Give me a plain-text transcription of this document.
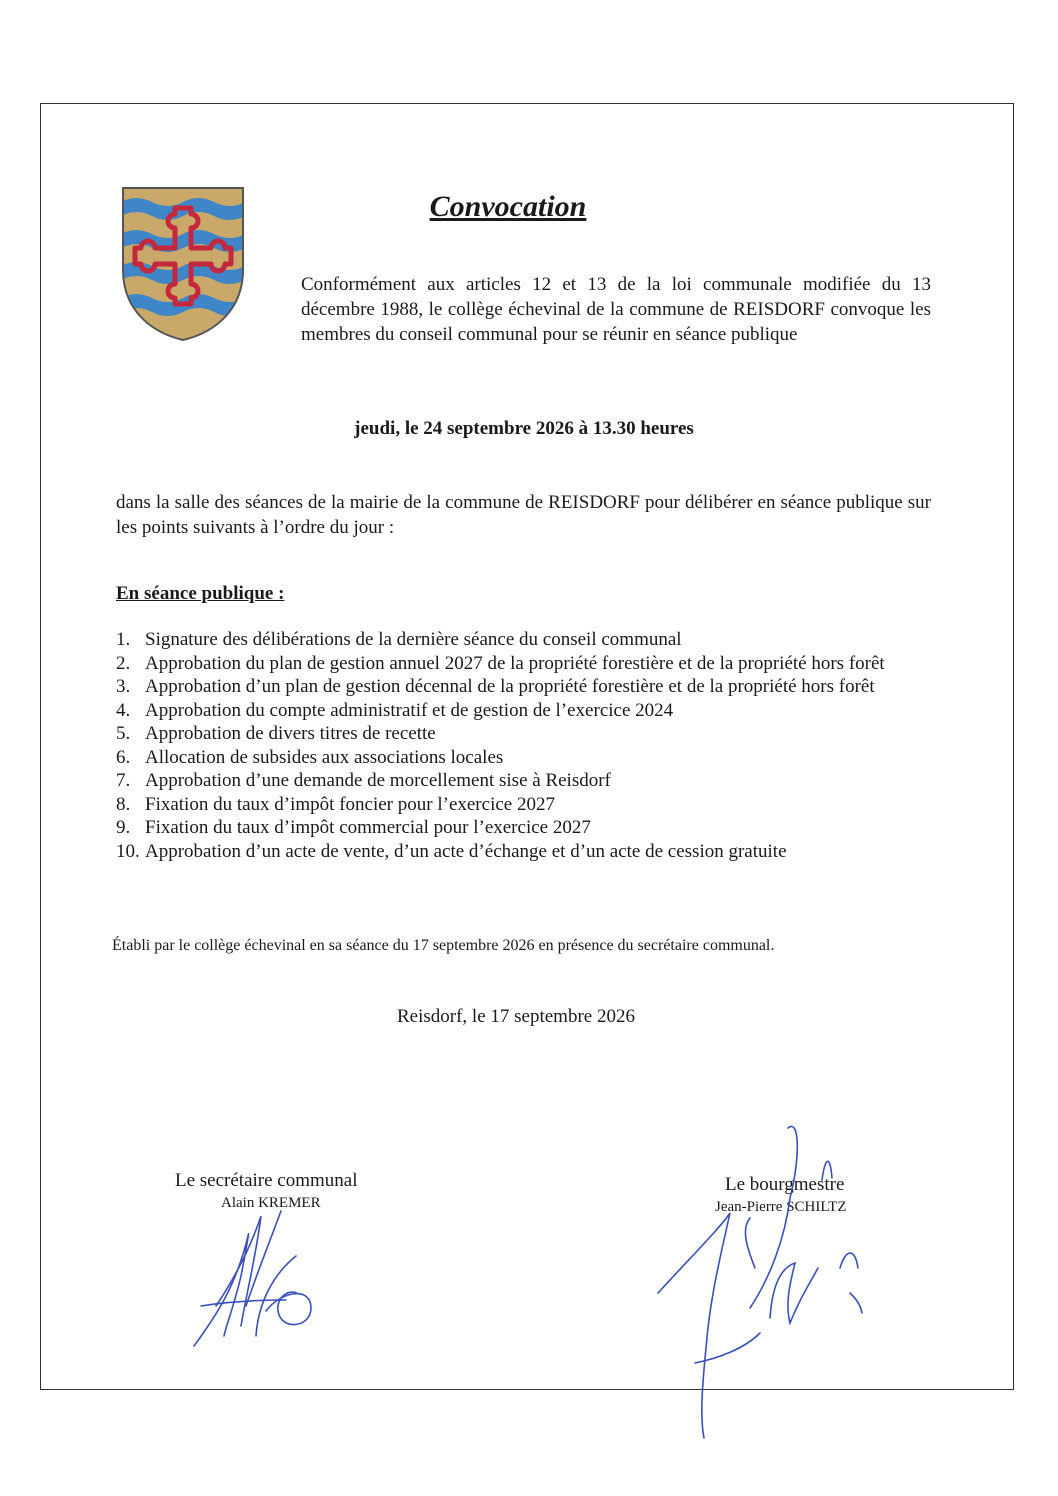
Convocation
Conformément aux articles 12 et 13 de la loi communale modifiée du 13 décembre 1988, le collège échevinal de la commune de REISDORF convoque les membres du conseil communal pour se réunir en séance publique
jeudi, le 24 septembre 2026 à 13.30 heures
dans la salle des séances de la mairie de la commune de REISDORF pour délibérer en séance publique sur les points suivants à l’ordre du jour :
En séance publique :
1. Signature des délibérations de la dernière séance du conseil communal
2. Approbation du plan de gestion annuel 2027 de la propriété forestière et de la propriété hors forêt
3. Approbation d’un plan de gestion décennal de la propriété forestière et de la propriété hors forêt
4. Approbation du compte administratif et de gestion de l’exercice 2024
5. Approbation de divers titres de recette
6. Allocation de subsides aux associations locales
7. Approbation d’une demande de morcellement sise à Reisdorf
8. Fixation du taux d’impôt foncier pour l’exercice 2027
9. Fixation du taux d’impôt commercial pour l’exercice 2027
10. Approbation d’un acte de vente, d’un acte d’échange et d’un acte de cession gratuite
Établi par le collège échevinal en sa séance du 17 septembre 2026 en présence du secrétaire communal.
Reisdorf, le 17 septembre 2026
Le secrétaire communal
Alain KREMER
Le bourgmestre
Jean-Pierre SCHILTZ
